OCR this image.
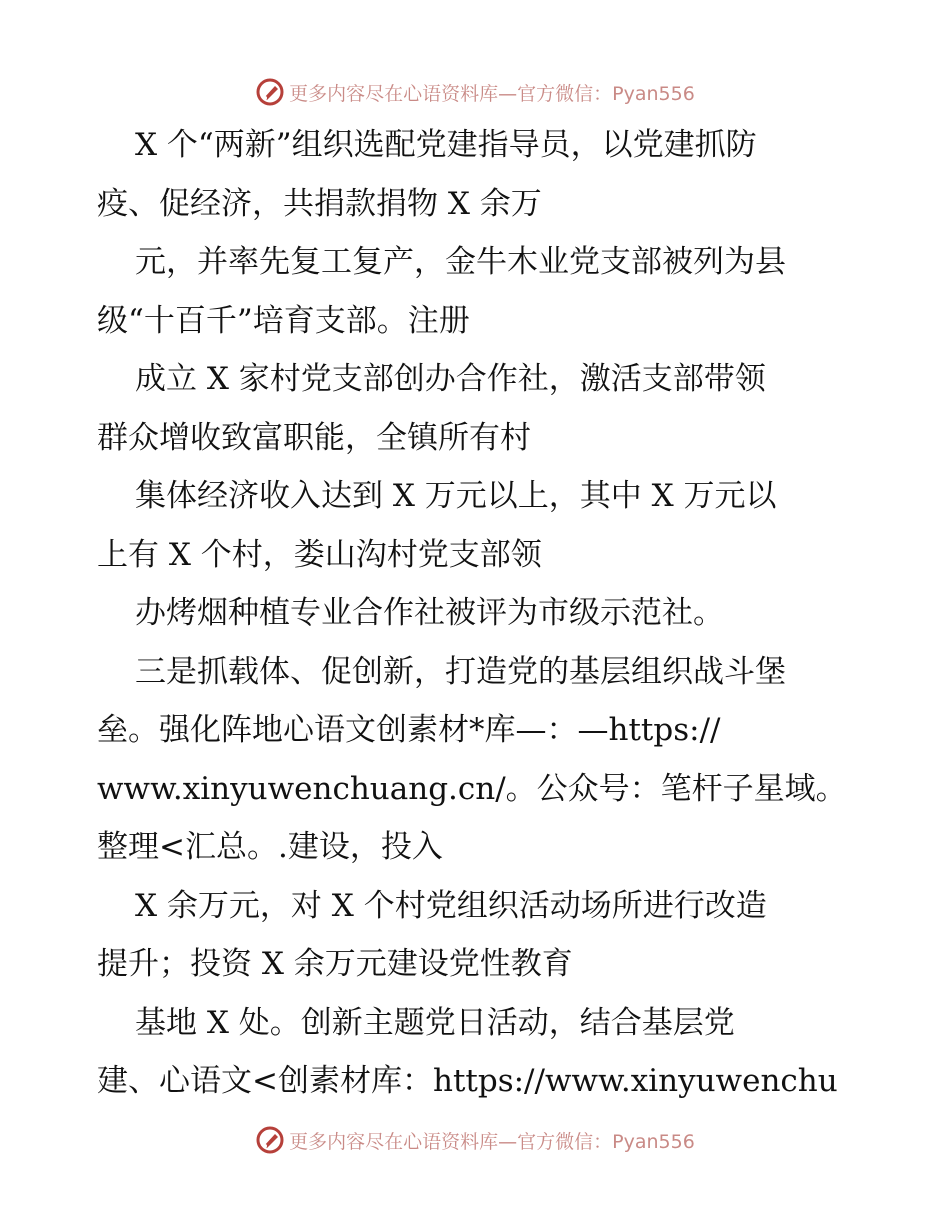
更多内容尽在心语资料库—官方微信：Pyan556
X 个“两新”组织选配党建指导员，以党建抓防
疫、促经济，共捐款捐物 X 余万
元，并率先复工复产，金牛木业党支部被列为县
级“十百千”培育支部。注册
成立 X 家村党支部创办合作社，激活支部带领
群众增收致富职能，全镇所有村
集体经济收入达到 X 万元以上，其中 X 万元以
上有 X 个村，娄山沟村党支部领
办烤烟种植专业合作社被评为市级示范社。
三是抓载体、促创新，打造党的基层组织战斗堡
垒。强化阵地心语文创素材*库—：—https://
www.xinyuwenchuang.cn/。公众号：笔杆子星域。
整理<汇总。.建设，投入
X 余万元，对 X 个村党组织活动场所进行改造
提升；投资 X 余万元建设党性教育
基地 X 处。创新主题党日活动，结合基层党
建、心语文<创素材库：https://www.xinyuwenchu
更多内容尽在心语资料库—官方微信：Pyan556
